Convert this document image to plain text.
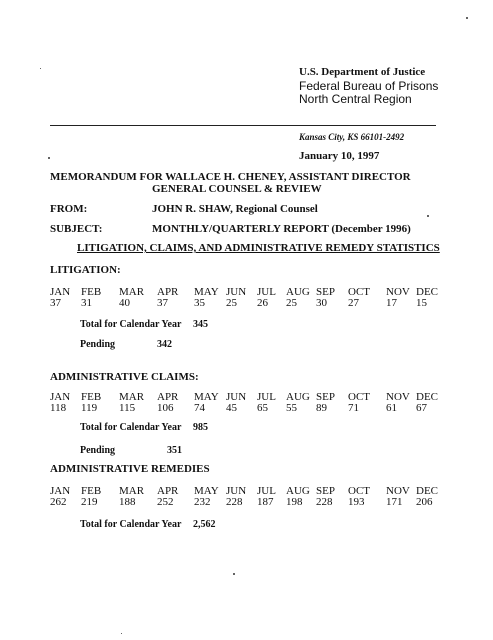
U.S. Department of Justice
Federal Bureau of Prisons
North Central Region
Kansas City, KS 66101-2492
January 10, 1997
MEMORANDUM FOR WALLACE H. CHENEY, ASSISTANT DIRECTOR
GENERAL COUNSEL & REVIEW
FROM:	JOHN R. SHAW, Regional Counsel
SUBJECT:	MONTHLY/QUARTERLY REPORT (December 1996)
LITIGATION, CLAIMS, AND ADMINISTRATIVE REMEDY STATISTICS
LITIGATION:
JAN FEB MAR APR MAY JUN JUL AUG SEP OCT NOV DEC
37 31 40 37 35 25 26 25 30 27 17 15
Total for Calendar Year 345
Pending	342
ADMINISTRATIVE CLAIMS:
JAN FEB MAR APR MAY JUN JUL AUG SEP OCT NOV DEC
118 119 115 106 74 45 65 55 89 71 61 67
Total for Calendar Year 985
Pending	351
ADMINISTRATIVE REMEDIES
JAN FEB MAR APR MAY JUN JUL AUG SEP OCT NOV DEC
262 219 188 252 232 228 187 198 228 193 171 206
Total for Calendar Year 2,562
